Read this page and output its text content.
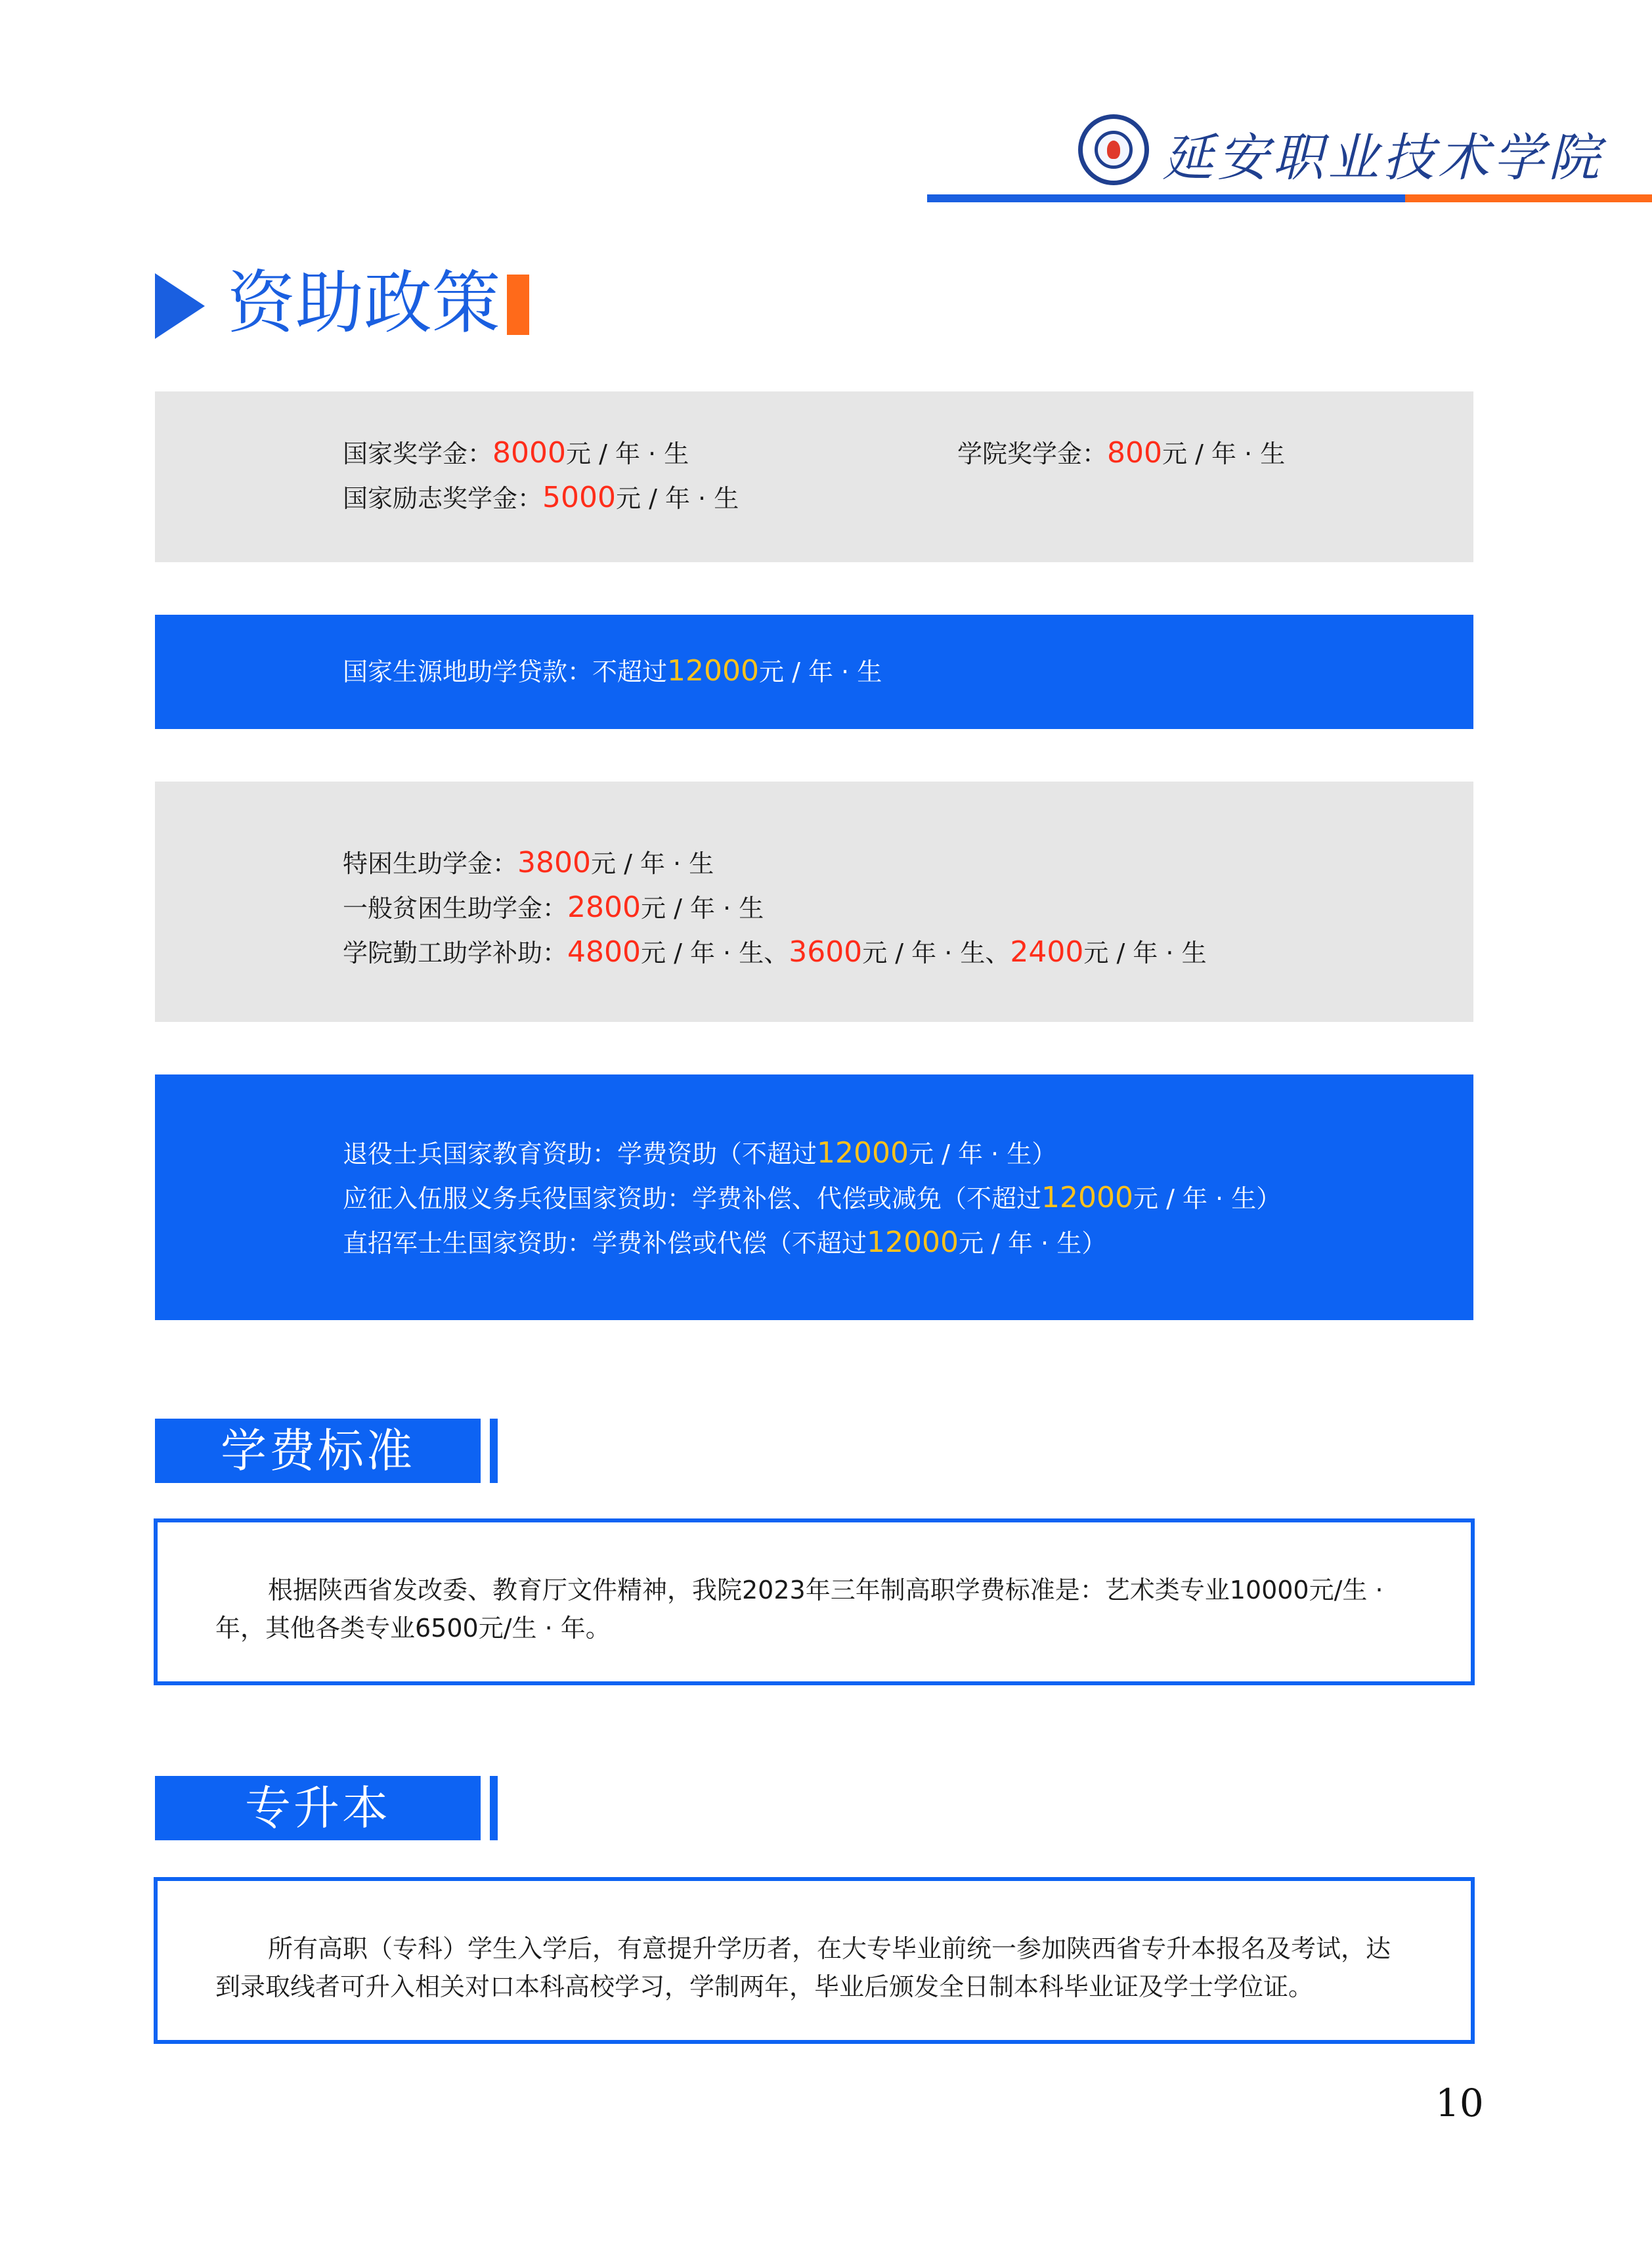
延安职业技术学院
资助政策
国家奖学金：8000元 / 年 · 生	学院奖学金：800元 / 年 · 生
国家励志奖学金：5000元 / 年 · 生
国家生源地助学贷款：不超过12000元 / 年 · 生
特困生助学金：3800元 / 年 · 生
一般贫困生助学金：2800元 / 年 · 生
学院勤工助学补助：4800元 / 年 · 生、3600元 / 年 · 生、2400元 / 年 · 生
退役士兵国家教育资助：学费资助（不超过12000元 / 年 · 生）
应征入伍服义务兵役国家资助：学费补偿、代偿或减免（不超过12000元 / 年 · 生）
直招军士生国家资助：学费补偿或代偿（不超过12000元 / 年 · 生）
学费标准
根据陕西省发改委、教育厅文件精神，我院2023年三年制高职学费标准是：艺术类专业10000元/生 · 年，其他各类专业6500元/生 · 年。
专升本
所有高职（专科）学生入学后，有意提升学历者，在大专毕业前统一参加陕西省专升本报名及考试，达到录取线者可升入相关对口本科高校学习，学制两年，毕业后颁发全日制本科毕业证及学士学位证。
10
